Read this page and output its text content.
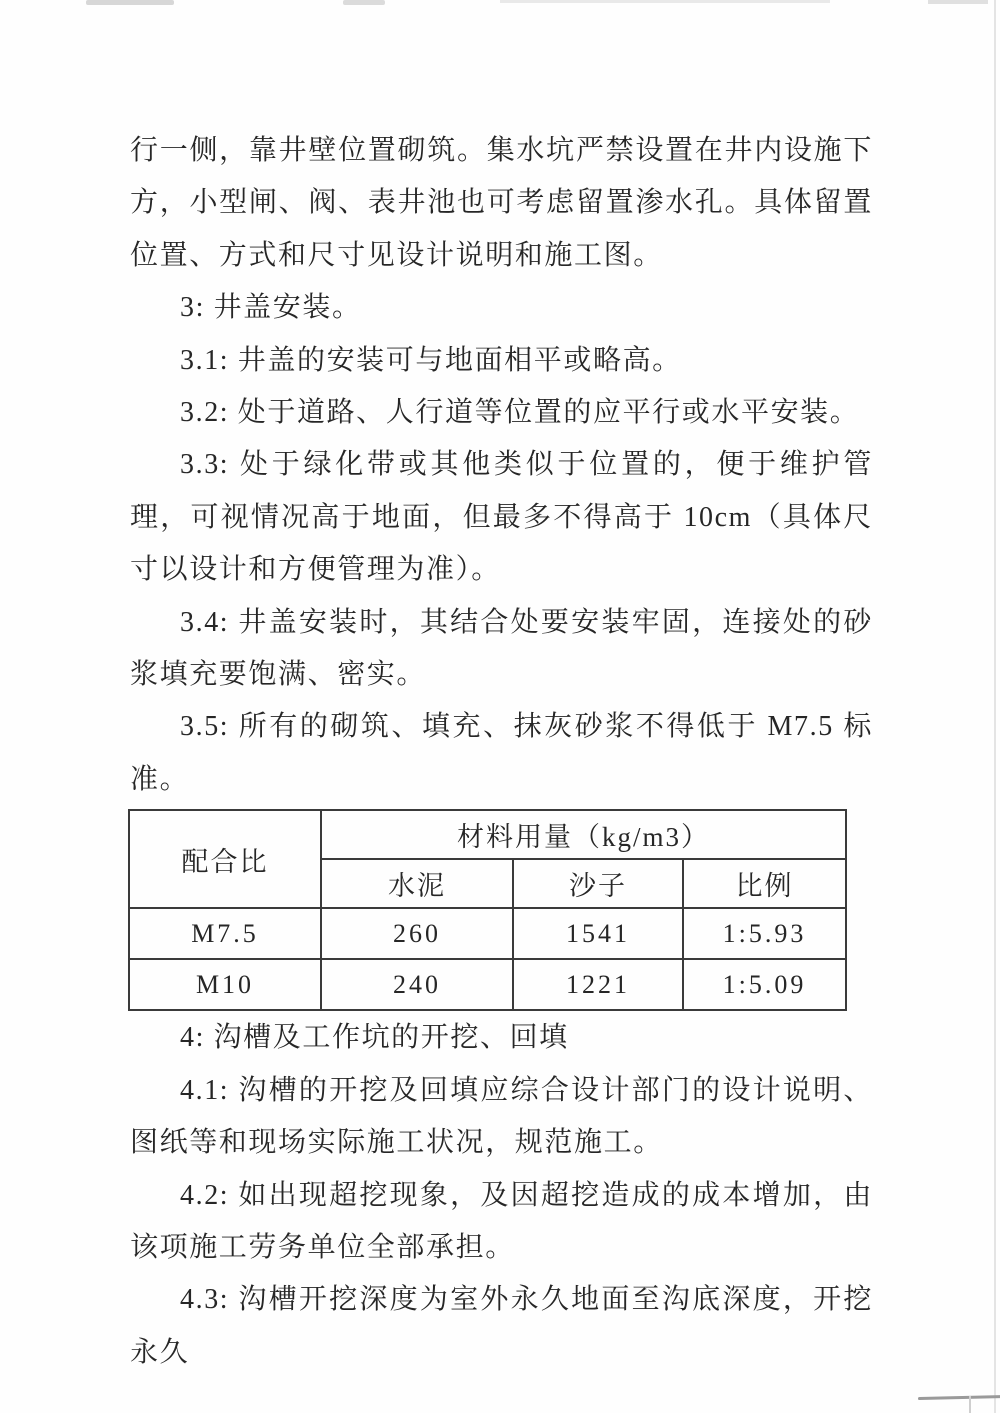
行一侧，靠井壁位置砌筑。集水坑严禁设置在井内设施下方，小型闸、阀、表井池也可考虑留置渗水孔。具体留置位置、方式和尺寸见设计说明和施工图。

3: 井盖安装。

3.1: 井盖的安装可与地面相平或略高。

3.2: 处于道路、人行道等位置的应平行或水平安装。

3.3: 处于绿化带或其他类似于位置的，便于维护管理，可视情况高于地面，但最多不得高于 10cm（具体尺寸以设计和方便管理为准）。

3.4: 井盖安装时，其结合处要安装牢固，连接处的砂浆填充要饱满、密实。

3.5: 所有的砌筑、填充、抹灰砂浆不得低于 M7.5 标准。

配合比	材料用量（kg/m3）		
	水泥	沙子	比例
M7.5	260	1541	1:5.93
M10	240	1221	1:5.09

4: 沟槽及工作坑的开挖、回填

4.1: 沟槽的开挖及回填应综合设计部门的设计说明、图纸等和现场实际施工状况，规范施工。

4.2: 如出现超挖现象，及因超挖造成的成本增加，由该项施工劳务单位全部承担。

4.3: 沟槽开挖深度为室外永久地面至沟底深度，开挖永久
